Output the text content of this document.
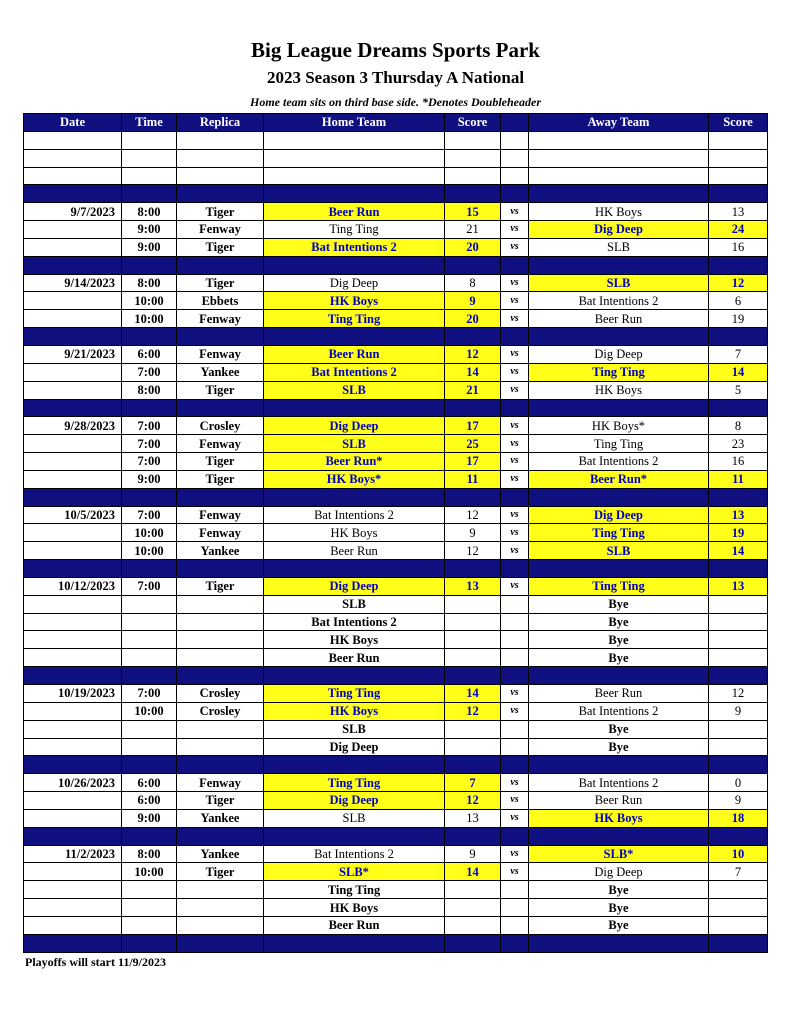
Big League Dreams Sports Park
2023 Season 3 Thursday A National
Home team sits on third base side. *Denotes Doubleheader
Date	Time	Replica	Home Team	Score		Away Team	Score

9/7/2023	8:00	Tiger	Beer Run	15	vs	HK Boys	13
	9:00	Fenway	Ting Ting	21	vs	Dig Deep	24
	9:00	Tiger	Bat Intentions 2	20	vs	SLB	16

9/14/2023	8:00	Tiger	Dig Deep	8	vs	SLB	12
	10:00	Ebbets	HK Boys	9	vs	Bat Intentions 2	6
	10:00	Fenway	Ting Ting	20	vs	Beer Run	19

9/21/2023	6:00	Fenway	Beer Run	12	vs	Dig Deep	7
	7:00	Yankee	Bat Intentions 2	14	vs	Ting Ting	14
	8:00	Tiger	SLB	21	vs	HK Boys	5

9/28/2023	7:00	Crosley	Dig Deep	17	vs	HK Boys*	8
	7:00	Fenway	SLB	25	vs	Ting Ting	23
	7:00	Tiger	Beer Run*	17	vs	Bat Intentions 2	16
	9:00	Tiger	HK Boys*	11	vs	Beer Run*	11

10/5/2023	7:00	Fenway	Bat Intentions 2	12	vs	Dig Deep	13
	10:00	Fenway	HK Boys	9	vs	Ting Ting	19
	10:00	Yankee	Beer Run	12	vs	SLB	14

10/12/2023	7:00	Tiger	Dig Deep	13	vs	Ting Ting	13
			SLB			Bye	
			Bat Intentions 2			Bye	
			HK Boys			Bye	
			Beer Run			Bye	

10/19/2023	7:00	Crosley	Ting Ting	14	vs	Beer Run	12
	10:00	Crosley	HK Boys	12	vs	Bat Intentions 2	9
			SLB			Bye	
			Dig Deep			Bye	

10/26/2023	6:00	Fenway	Ting Ting	7	vs	Bat Intentions 2	0
	6:00	Tiger	Dig Deep	12	vs	Beer Run	9
	9:00	Yankee	SLB	13	vs	HK Boys	18

11/2/2023	8:00	Yankee	Bat Intentions 2	9	vs	SLB*	10
	10:00	Tiger	SLB*	14	vs	Dig Deep	7
			Ting Ting			Bye	
			HK Boys			Bye	
			Beer Run			Bye	

Playoffs will start 11/9/2023
